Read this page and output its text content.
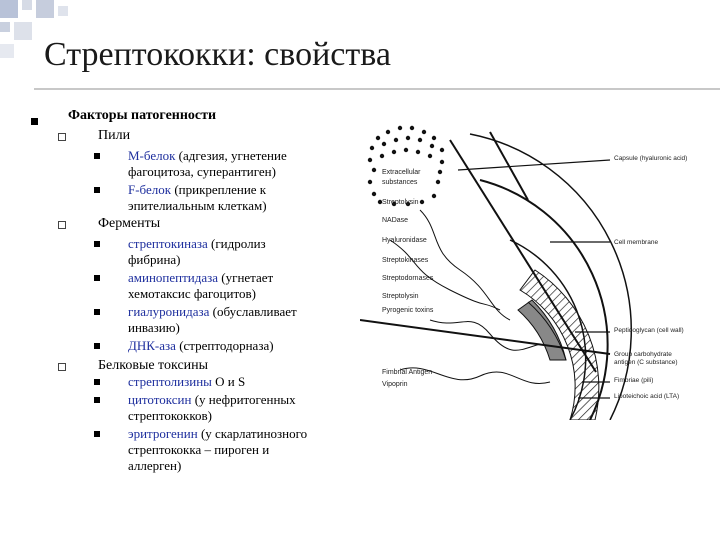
Стрептококки: свойства
Факторы патогенности
Пили
М-белок (адгезия, угнетение
фагоцитоза, суперантиген)
F-белок (прикрепление к
эпителиальным клеткам)
Ферменты
стрептокиназа (гидролиз
фибрина)
аминопептидаза (угнетает
хемотаксис фагоцитов)
гиалуронидаза (обуславливает
инвазию)
ДНК-аза (стрептодорназа)
Белковые токсины
стрептолизины O и S
цитотоксин (у нефритогенных
стрептококков)
эритрогенин (у скарлатинозного
стрептококка – пироген и
аллерген)
Extracellular
substances
Streptolysin
NADase
Hyaluronidase
Streptokinases
Streptodornases
Streptolysin
Pyrogenic toxins
Fimbrial Antigen
Vipoprin
Capsule (hyaluronic acid)
Cell membrane
Peptidoglycan (cell wall)
Group carbohydrate
antigen (C substance)
Fimbriae (pili)
Lipoteichoic acid (LTA)
